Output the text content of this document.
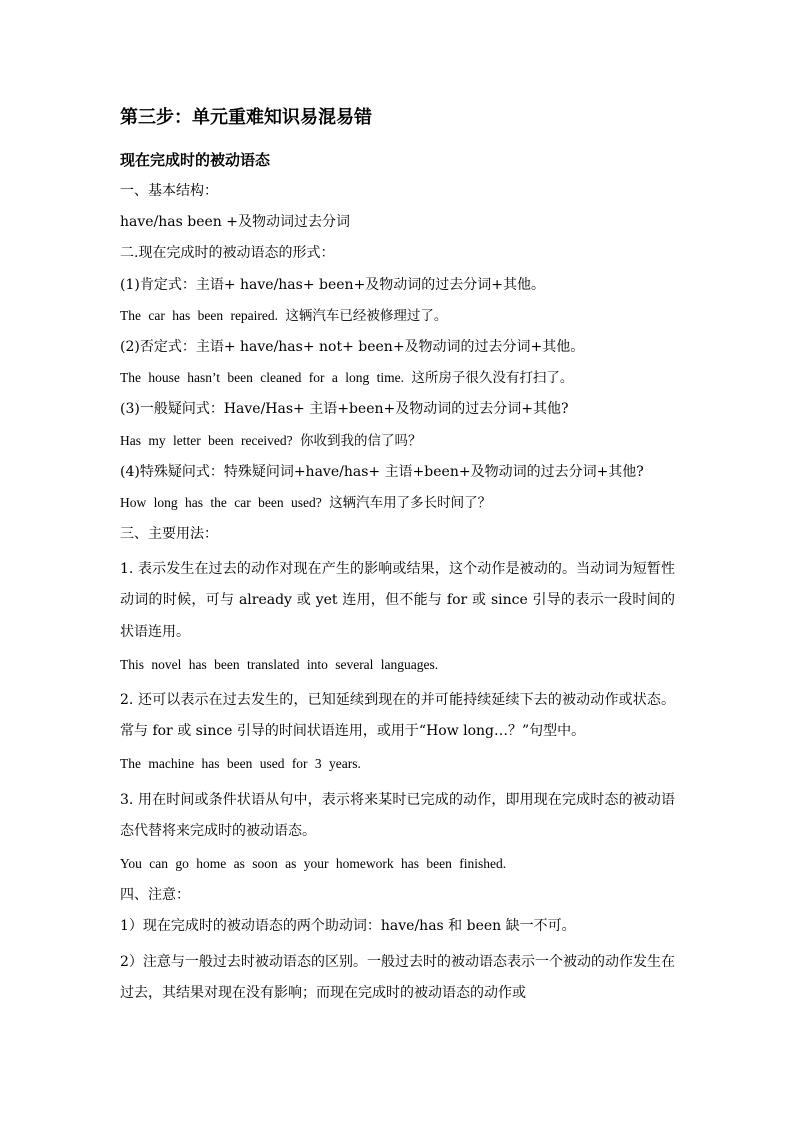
第三步：单元重难知识易混易错
现在完成时的被动语态
一、基本结构：
have/has been +及物动词过去分词
二.现在完成时的被动语态的形式：
(1)肯定式：主语+ have/has+ been+及物动词的过去分词+其他。
The car has been repaired. 这辆汽车已经被修理过了。
(2)否定式：主语+ have/has+ not+ been+及物动词的过去分词+其他。
The house hasn’t been cleaned for a long time. 这所房子很久没有打扫了。
(3)一般疑问式：Have/Has+ 主语+been+及物动词的过去分词+其他?
Has my letter been received? 你收到我的信了吗？
(4)特殊疑问式：特殊疑问词+have/has+ 主语+been+及物动词的过去分词+其他?
How long has the car been used? 这辆汽车用了多长时间了？
三、主要用法：
1. 表示发生在过去的动作对现在产生的影响或结果，这个动作是被动的。当动词为短暂性动词的时候，可与 already 或 yet 连用，但不能与 for 或 since 引导的表示一段时间的状语连用。
This novel has been translated into several languages.
2. 还可以表示在过去发生的，已知延续到现在的并可能持续延续下去的被动动作或状态。常与 for 或 since 引导的时间状语连用，或用于“How long…？”句型中。
The machine has been used for 3 years.
3. 用在时间或条件状语从句中，表示将来某时已完成的动作，即用现在完成时态的被动语态代替将来完成时的被动语态。
You can go home as soon as your homework has been finished.
四、注意：
1）现在完成时的被动语态的两个助动词：have/has 和 been 缺一不可。
2）注意与一般过去时被动语态的区别。一般过去时的被动语态表示一个被动的动作发生在过去，其结果对现在没有影响；而现在完成时的被动语态的动作或
